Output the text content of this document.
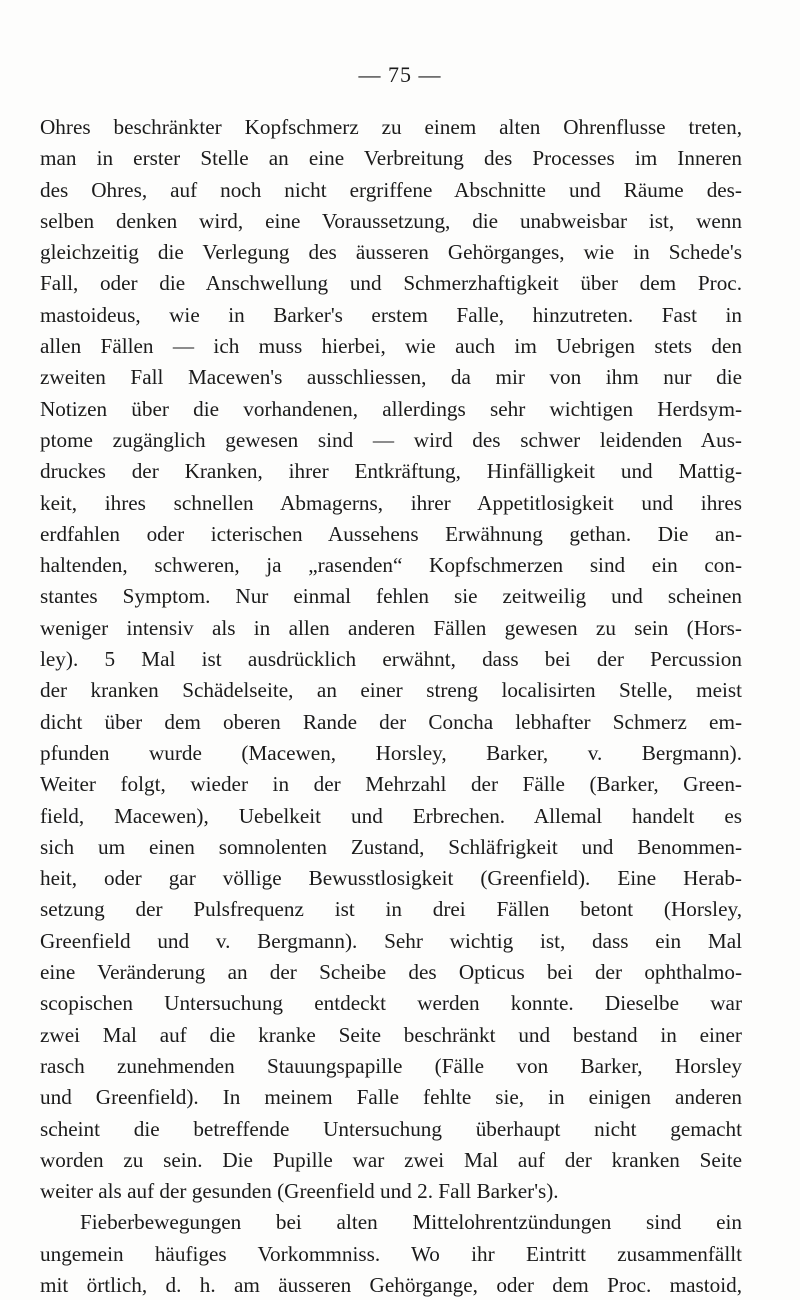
— 75 —
Ohres beschränkter Kopfschmerz zu einem alten Ohrenflusse treten,
man in erster Stelle an eine Verbreitung des Processes im Inneren
des Ohres, auf noch nicht ergriffene Abschnitte und Räume des-
selben denken wird, eine Voraussetzung, die unabweisbar ist, wenn
gleichzeitig die Verlegung des äusseren Gehörganges, wie in Schede's
Fall, oder die Anschwellung und Schmerzhaftigkeit über dem Proc.
mastoideus, wie in Barker's erstem Falle, hinzutreten. Fast in
allen Fällen — ich muss hierbei, wie auch im Uebrigen stets den
zweiten Fall Macewen's ausschliessen, da mir von ihm nur die
Notizen über die vorhandenen, allerdings sehr wichtigen Herdsym-
ptome zugänglich gewesen sind — wird des schwer leidenden Aus-
druckes der Kranken, ihrer Entkräftung, Hinfälligkeit und Mattig-
keit, ihres schnellen Abmagerns, ihrer Appetitlosigkeit und ihres
erdfahlen oder icterischen Aussehens Erwähnung gethan. Die an-
haltenden, schweren, ja „rasenden“ Kopfschmerzen sind ein con-
stantes Symptom. Nur einmal fehlen sie zeitweilig und scheinen
weniger intensiv als in allen anderen Fällen gewesen zu sein (Hors-
ley). 5 Mal ist ausdrücklich erwähnt, dass bei der Percussion
der kranken Schädelseite, an einer streng localisirten Stelle, meist
dicht über dem oberen Rande der Concha lebhafter Schmerz em-
pfunden wurde (Macewen, Horsley, Barker, v. Bergmann).
Weiter folgt, wieder in der Mehrzahl der Fälle (Barker, Green-
field, Macewen), Uebelkeit und Erbrechen. Allemal handelt es
sich um einen somnolenten Zustand, Schläfrigkeit und Benommen-
heit, oder gar völlige Bewusstlosigkeit (Greenfield). Eine Herab-
setzung der Pulsfrequenz ist in drei Fällen betont (Horsley,
Greenfield und v. Bergmann). Sehr wichtig ist, dass ein Mal
eine Veränderung an der Scheibe des Opticus bei der ophthalmo-
scopischen Untersuchung entdeckt werden konnte. Dieselbe war
zwei Mal auf die kranke Seite beschränkt und bestand in einer
rasch zunehmenden Stauungspapille (Fälle von Barker, Horsley
und Greenfield). In meinem Falle fehlte sie, in einigen anderen
scheint die betreffende Untersuchung überhaupt nicht gemacht
worden zu sein. Die Pupille war zwei Mal auf der kranken Seite
weiter als auf der gesunden (Greenfield und 2. Fall Barker's).
Fieberbewegungen bei alten Mittelohrentzündungen sind ein
ungemein häufiges Vorkommniss. Wo ihr Eintritt zusammenfällt
mit örtlich, d. h. am äusseren Gehörgange, oder dem Proc. mastoid,
